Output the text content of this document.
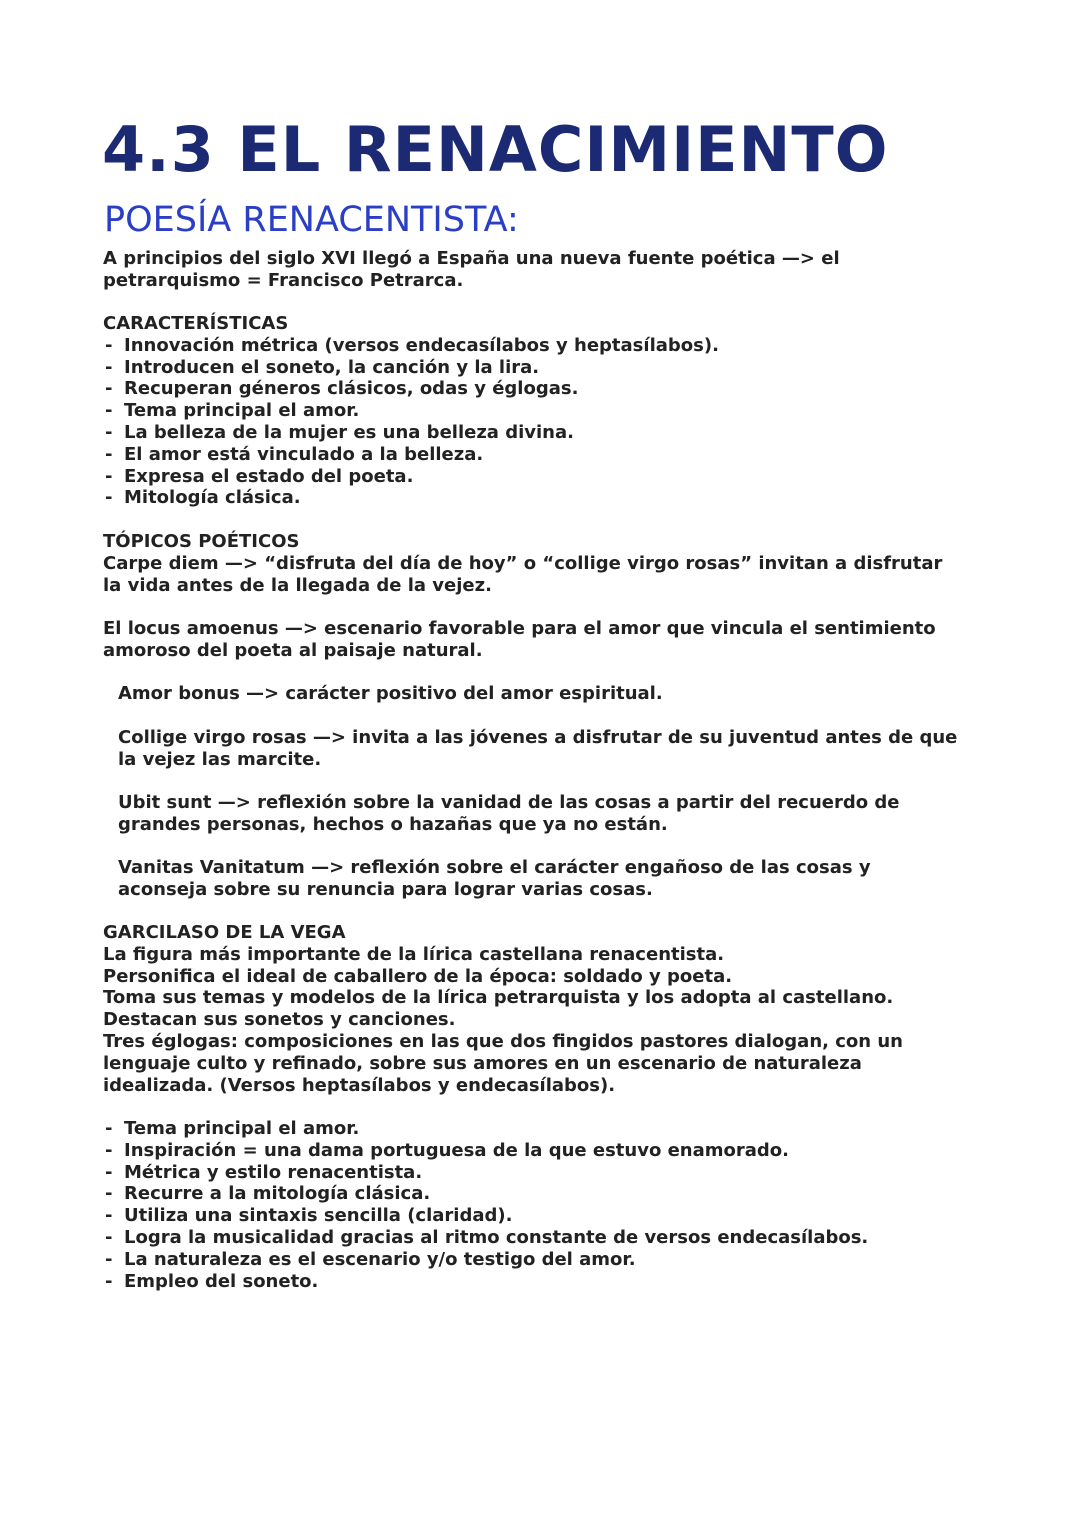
4.3 EL RENACIMIENTO
POESÍA RENACENTISTA:

A principios del siglo XVI llegó a España una nueva fuente poética —> el petrarquismo = Francisco Petrarca.

CARACTERÍSTICAS

- Innovación métrica (versos endecasílabos y heptasílabos).
- Introducen el soneto, la canción y la lira.
- Recuperan géneros clásicos, odas y églogas.
- Tema principal el amor.
- La belleza de la mujer es una belleza divina.
- El amor está vinculado a la belleza.
- Expresa el estado del poeta.
- Mitología clásica.

TÓPICOS POÉTICOS

Carpe diem —> “disfruta del día de hoy” o “collige virgo rosas” invitan a disfrutar la vida antes de la llegada de la vejez.

El locus amoenus —> escenario favorable para el amor que vincula el sentimiento amoroso del poeta al paisaje natural.

Amor bonus —> carácter positivo del amor espiritual.

Collige virgo rosas —> invita a las jóvenes a disfrutar de su juventud antes de que la vejez las marcite.

Ubit sunt —> reflexión sobre la vanidad de las cosas a partir del recuerdo de grandes personas, hechos o hazañas que ya no están.

Vanitas Vanitatum —> reflexión sobre el carácter engañoso de las cosas y aconseja sobre su renuncia para lograr varias cosas.

GARCILASO DE LA VEGA

La figura más importante de la lírica castellana renacentista.

Personifica el ideal de caballero de la época: soldado y poeta.

Toma sus temas y modelos de la lírica petrarquista y los adopta al castellano.

Destacan sus sonetos y canciones.

Tres églogas: composiciones en las que dos fingidos pastores dialogan, con un lenguaje culto y refinado, sobre sus amores en un escenario de naturaleza idealizada. (Versos heptasílabos y endecasílabos).

- Tema principal el amor.
- Inspiración = una dama portuguesa de la que estuvo enamorado.
- Métrica y estilo renacentista.
- Recurre a la mitología clásica.
- Utiliza una sintaxis sencilla (claridad).
- Logra la musicalidad gracias al ritmo constante de versos endecasílabos.
- La naturaleza es el escenario y/o testigo del amor.
- Empleo del soneto.
